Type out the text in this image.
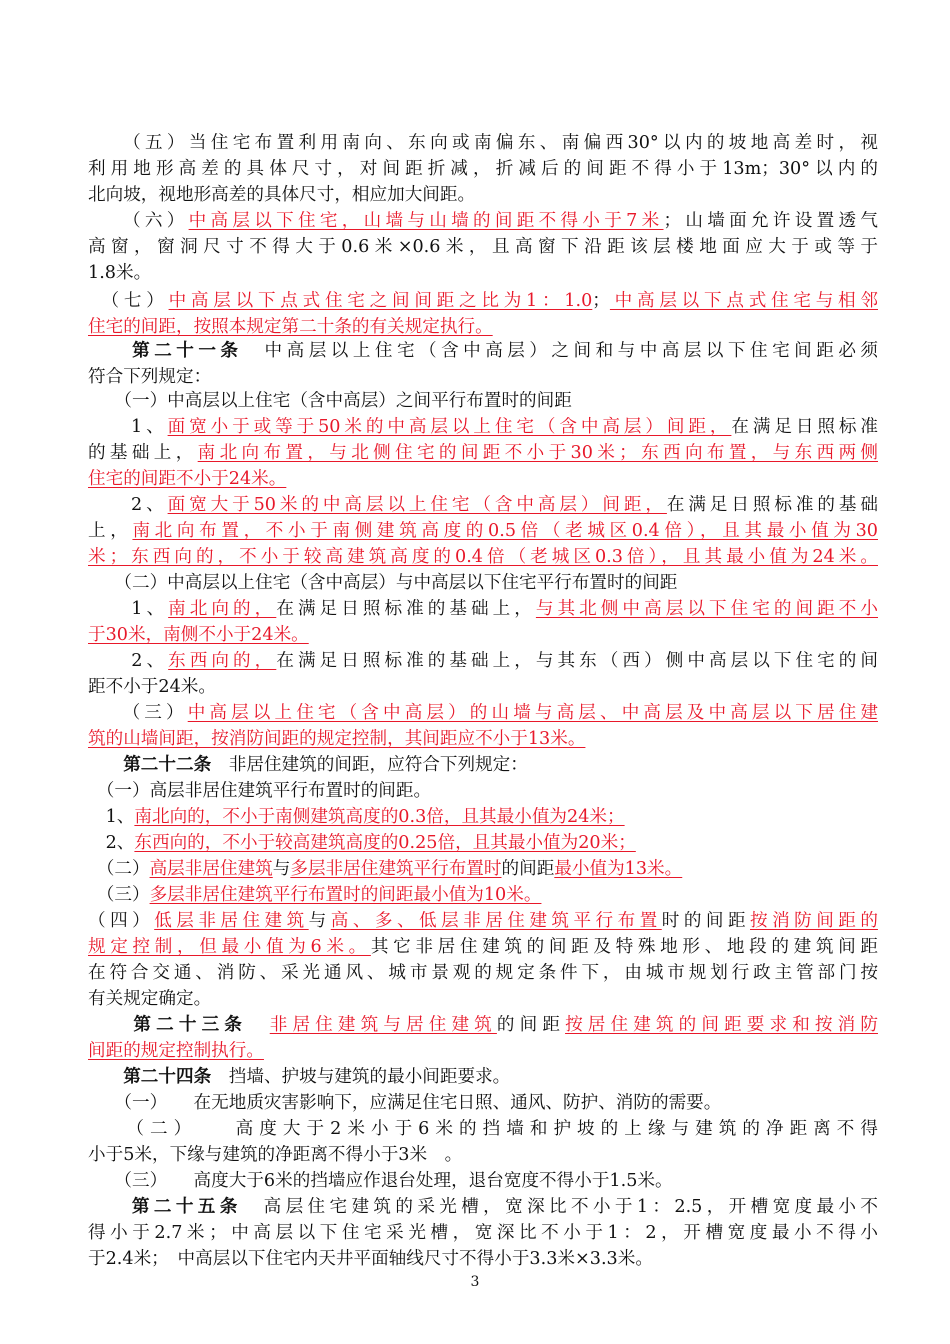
　　（五）当住宅布置利用南向、东向或南偏东、南偏西30°以内的坡地高差时，视
利用地形高差的具体尺寸，对间距折减，折减后的间距不得小于13m；30°以内的
北向坡，视地形高差的具体尺寸，相应加大间距。
　　（六）中高层以下住宅，山墙与山墙的间距不得小于7米；山墙面允许设置透气
高窗，窗洞尺寸不得大于0.6米×0.6米，且高窗下沿距该层楼地面应大于或等于
1.8米。
　（七）中高层以下点式住宅之间间距之比为1：1.0；中高层以下点式住宅与相邻
住宅的间距，按照本规定第二十条的有关规定执行。
　　第二十一条　中高层以上住宅（含中高层）之间和与中高层以下住宅间距必须
符合下列规定：
　　（一）中高层以上住宅（含中高层）之间平行布置时的间距
　　1、面宽小于或等于50米的中高层以上住宅（含中高层）间距，在满足日照标准
的基础上，南北向布置，与北侧住宅的间距不小于30米；东西向布置，与东西两侧
住宅的间距不小于24米。
　　2、面宽大于50米的中高层以上住宅（含中高层）间距，在满足日照标准的基础
上，南北向布置，不小于南侧建筑高度的0.5倍（老城区0.4倍），且其最小值为30
米；东西向的，不小于较高建筑高度的0.4倍（老城区0.3倍），且其最小值为24米。
　　（二）中高层以上住宅（含中高层）与中高层以下住宅平行布置时的间距
　　1、南北向的，在满足日照标准的基础上，与其北侧中高层以下住宅的间距不小
于30米，南侧不小于24米。
　　2、东西向的，在满足日照标准的基础上，与其东（西）侧中高层以下住宅的间
距不小于24米。
　　（三）中高层以上住宅（含中高层）的山墙与高层、中高层及中高层以下居住建
筑的山墙间距，按消防间距的规定控制，其间距应不小于13米。
　　第二十二条　非居住建筑的间距，应符合下列规定：
　（一）高层非居住建筑平行布置时的间距。
　1、南北向的，不小于南侧建筑高度的0.3倍，且其最小值为24米；
　2、东西向的，不小于较高建筑高度的0.25倍，且其最小值为20米；
　（二）高层非居住建筑与多层非居住建筑平行布置时的间距最小值为13米。
　（三）多层非居住建筑平行布置时的间距最小值为10米。
（四）低层非居住建筑与高、多、低层非居住建筑平行布置时的间距按消防间距的
规定控制，但最小值为6米。其它非居住建筑的间距及特殊地形、地段的建筑间距
在符合交通、消防、采光通风、城市景观的规定条件下，由城市规划行政主管部门按
有关规定确定。
　　第二十三条　 非居住建筑与居住建筑的间距按居住建筑的间距要求和按消防
间距的规定控制执行。
　　第二十四条　挡墙、护坡与建筑的最小间距要求。
　　（一）　　在无地质灾害影响下，应满足住宅日照、通风、防护、消防的需要。
　　（二）　　高度大于2米小于6米的挡墙和护坡的上缘与建筑的净距离不得
小于5米，下缘与建筑的净距离不得小于3米　。
　　（三）　　高度大于6米的挡墙应作退台处理，退台宽度不得小于1.5米。
　　第二十五条　高层住宅建筑的采光槽，宽深比不小于1：2.5，开槽宽度最小不
得小于2.7米；中高层以下住宅采光槽，宽深比不小于1：2，开槽宽度最小不得小
于2.4米；　中高层以下住宅内天井平面轴线尺寸不得小于3.3米×3.3米。
3
